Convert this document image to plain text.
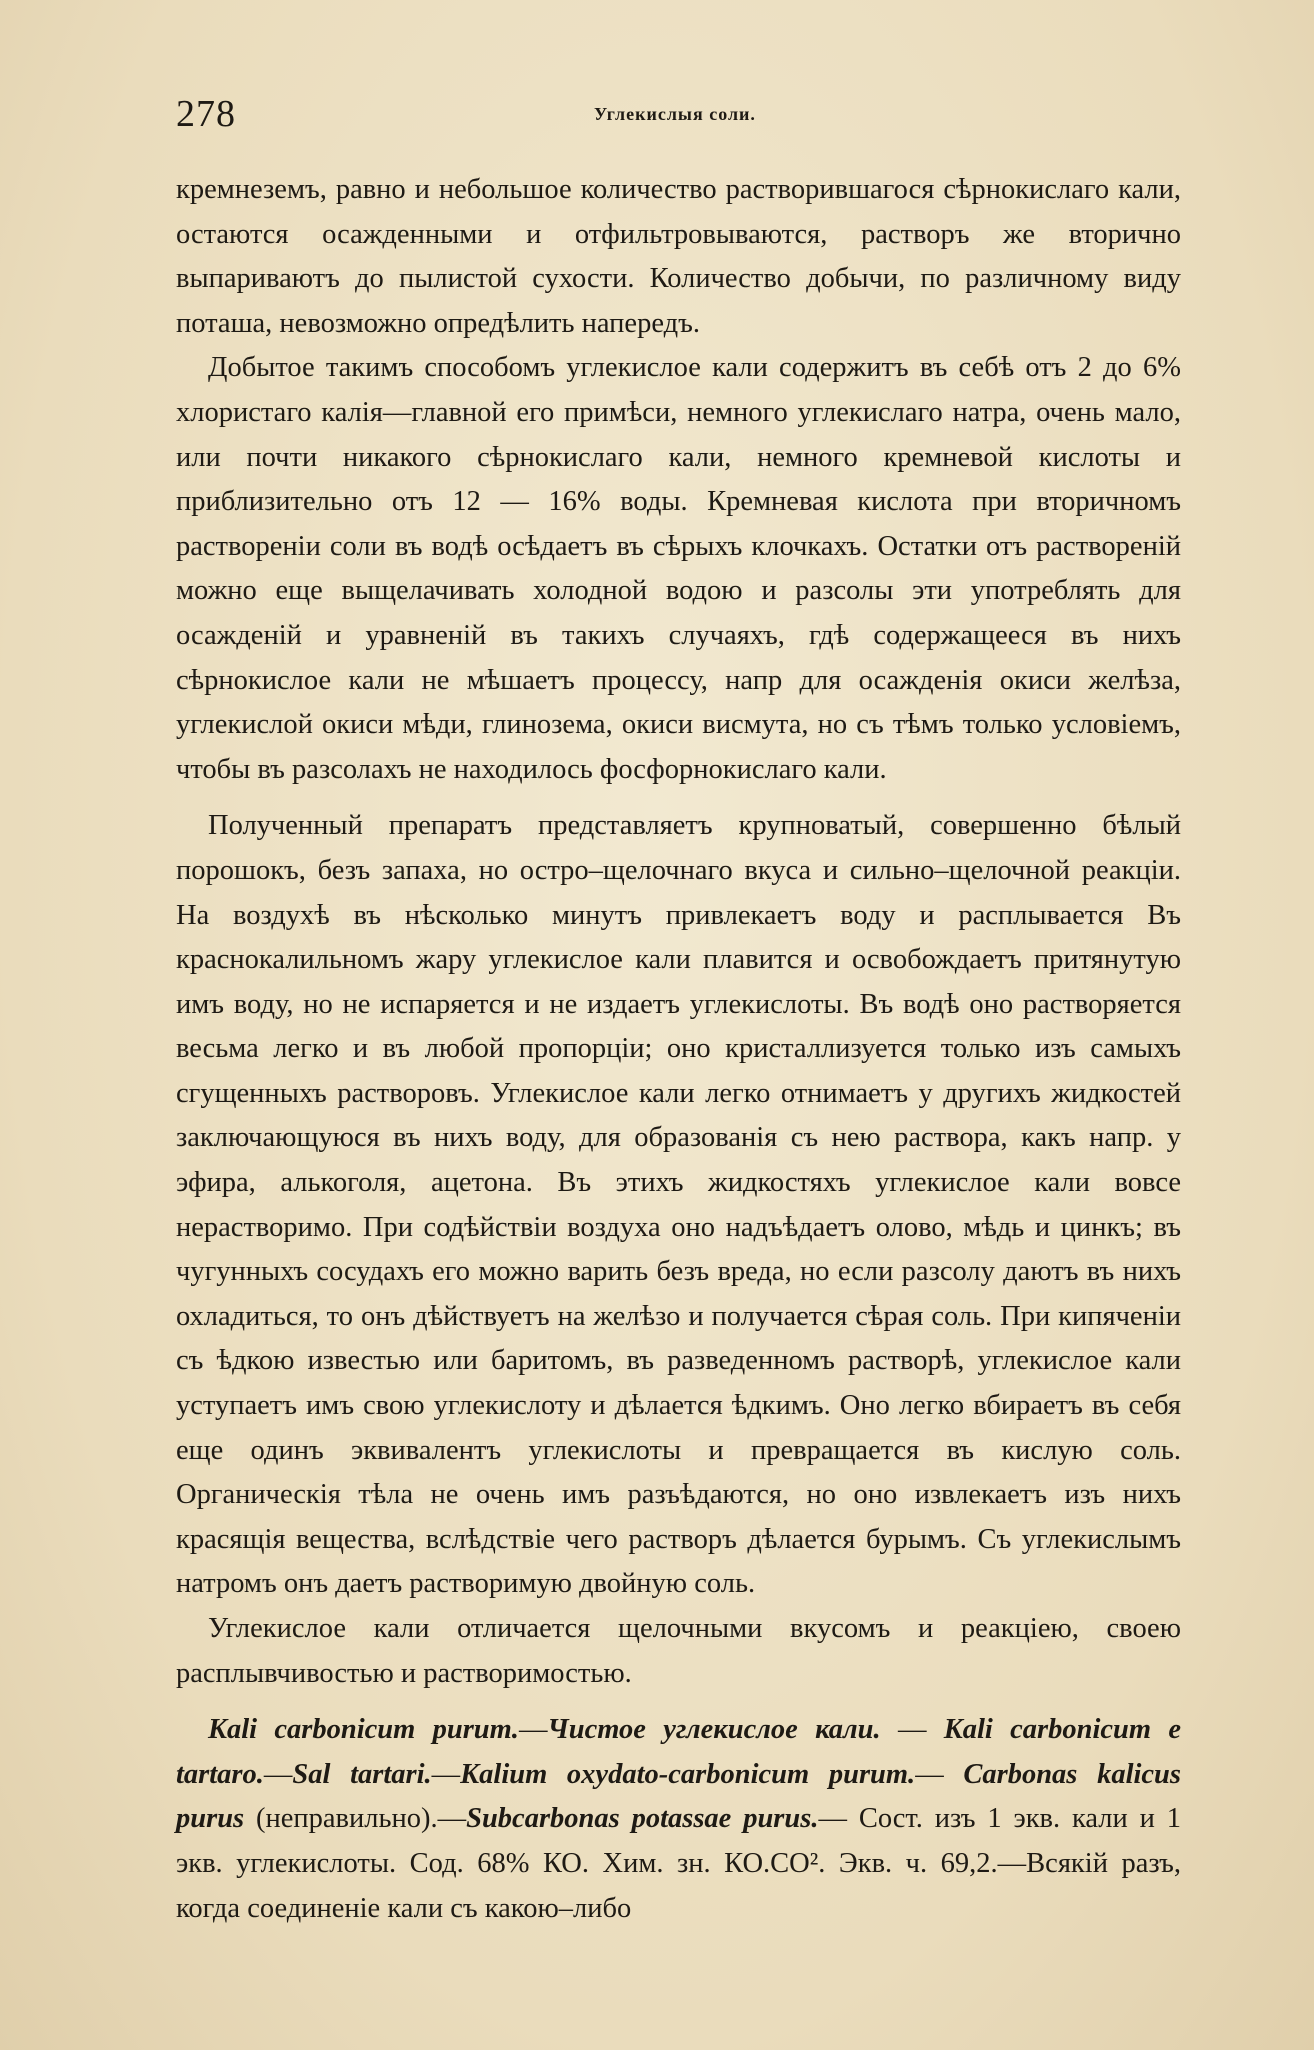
278	Углекислыя соли.

кремнеземъ, равно и небольшое количество растворившагося сѣрнокислаго кали, остаются осажденными и отфильтровываются, растворъ же вторично выпариваютъ до пылистой сухости. Количество добычи, по различному виду поташа, невозможно опредѣлить напередъ.

Добытое такимъ способомъ углекислое кали содержитъ въ себѣ отъ 2 до 6% хлористаго калія—главной его примѣси, немного углекислаго натра, очень мало, или почти никакого сѣрнокислаго кали, немного кремневой кислоты и приблизительно отъ 12 — 16% воды. Кремневая кислота при вторичномъ раствореніи соли въ водѣ осѣдаетъ въ сѣрыхъ клочкахъ. Остатки отъ раствореній можно еще выщелачивать холодной водою и разсолы эти употреблять для осажденій и уравненій въ такихъ случаяхъ, гдѣ содержащееся въ нихъ сѣрнокислое кали не мѣшаетъ процессу, напр для осажденія окиси желѣза, углекислой окиси мѣди, глинозема, окиси висмута, но съ тѣмъ только условіемъ, чтобы въ разсолахъ не находилось фосфорнокислаго кали.

Полученный препаратъ представляетъ крупноватый, совершенно бѣлый порошокъ, безъ запаха, но остро–щелочнаго вкуса и сильно–щелочной реакціи. На воздухѣ въ нѣсколько минутъ привлекаетъ воду и расплывается Въ краснокалильномъ жару углекислое кали плавится и освобождаетъ притянутую имъ воду, но не испаряется и не издаетъ углекислоты. Въ водѣ оно растворяется весьма легко и въ любой пропорціи; оно кристаллизуется только изъ самыхъ сгущенныхъ растворовъ. Углекислое кали легко отнимаетъ у другихъ жидкостей заключающуюся въ нихъ воду, для образованія съ нею раствора, какъ напр. у эфира, алькоголя, ацетона. Въ этихъ жидкостяхъ углекислое кали вовсе нерастворимо. При содѣйствіи воздуха оно надъѣдаетъ олово, мѣдь и цинкъ; въ чугунныхъ сосудахъ его можно варить безъ вреда, но если разсолу даютъ въ нихъ охладиться, то онъ дѣйствуетъ на желѣзо и получается сѣрая соль. При кипяченіи съ ѣдкою известью или баритомъ, въ разведенномъ растворѣ, углекислое кали уступаетъ имъ свою углекислоту и дѣлается ѣдкимъ. Оно легко вбираетъ въ себя еще одинъ эквивалентъ углекислоты и превращается въ кислую соль. Органическія тѣла не очень имъ разъѣдаются, но оно извлекаетъ изъ нихъ красящія вещества, вслѣдствіе чего растворъ дѣлается бурымъ. Съ углекислымъ натромъ онъ даетъ растворимую двойную соль.

Углекислое кали отличается щелочными вкусомъ и реакціею, своею расплывчивостью и растворимостью.

Kali carbonicum purum.—Чистое углекислое кали. — Kali carbonicum e tartaro.—Sal tartari.—Kalium oxydato-carbonicum purum.— Carbonas kalicus purus (неправильно).—Subcarbonas potassae purus.— Сост. изъ 1 экв. кали и 1 экв. углекислоты. Сод. 68% КО. Хим. зн. КО.СО². Экв. ч. 69,2.—Всякій разъ, когда соединеніе кали съ какою–либо
